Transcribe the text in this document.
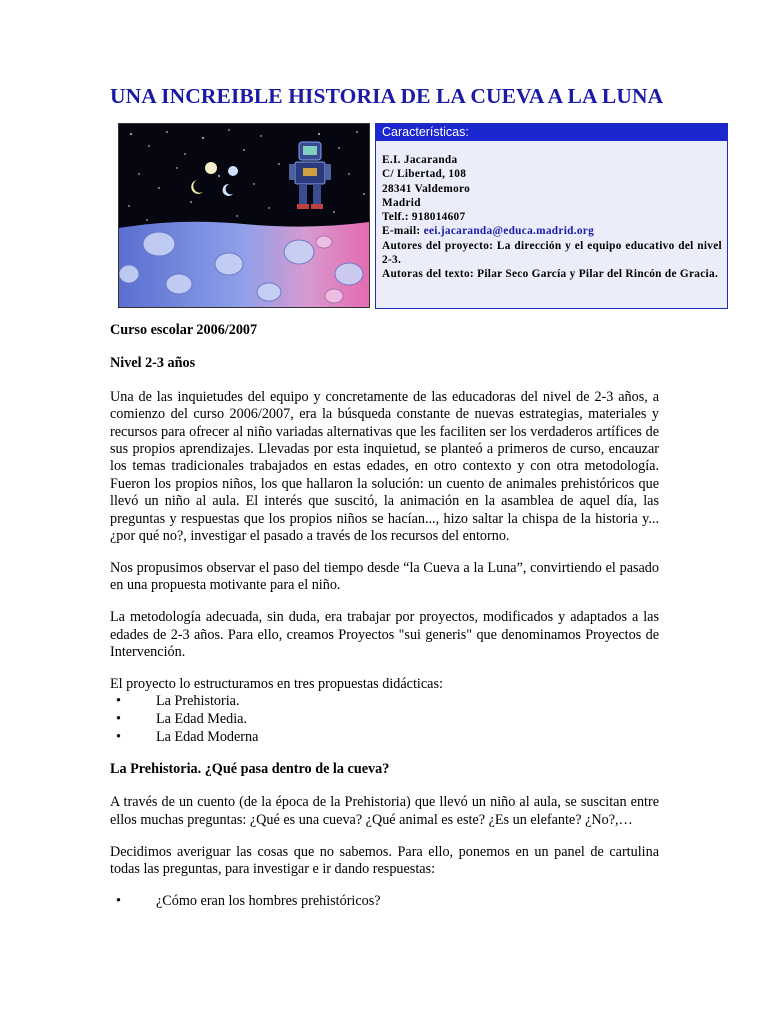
UNA INCREIBLE HISTORIA DE LA CUEVA A LA LUNA
Características:
E.I. Jacaranda
C/ Libertad, 108
28341 Valdemoro
Madrid
Telf.: 918014607
E-mail: eei.jacaranda@educa.madrid.org
Autores del proyecto: La dirección y el equipo educativo del nivel 2-3.
Autoras del texto: Pilar Seco García y Pilar del Rincón de Gracia.
Curso escolar 2006/2007
Nivel 2-3 años

Una de las inquietudes del equipo y concretamente de las educadoras del nivel de 2-3 años, a comienzo del curso 2006/2007, era la búsqueda constante de nuevas estrategias, materiales y recursos para ofrecer al niño variadas alternativas que les faciliten ser los verdaderos artífices de sus propios aprendizajes. Llevadas por esta inquietud, se planteó a primeros de curso, encauzar los temas tradicionales trabajados en estas edades, en otro contexto y con otra metodología. Fueron los propios niños, los que hallaron la solución: un cuento de animales prehistóricos que llevó un niño al aula. El interés que suscitó, la animación en la asamblea de aquel día, las preguntas y respuestas que los propios niños se hacían..., hizo saltar la chispa de la historia y... ¿por qué no?, investigar el pasado a través de los recursos del entorno.

Nos propusimos observar el paso del tiempo desde “la Cueva a la Luna”, convirtiendo el pasado en una propuesta motivante para el niño.

La metodología adecuada, sin duda, era trabajar por proyectos, modificados y adaptados a las edades de 2-3 años. Para ello, creamos Proyectos "sui generis" que denominamos Proyectos de Intervención.

El proyecto lo estructuramos en tres propuestas didácticas:

• La Prehistoria.
• La Edad Media.
• La Edad Moderna
La Prehistoria. ¿Qué pasa dentro de la cueva?

A través de un cuento (de la época de la Prehistoria) que llevó un niño al aula, se suscitan entre ellos muchas preguntas: ¿Qué es una cueva? ¿Qué animal es este? ¿Es un elefante? ¿No?,…

Decidimos averiguar las cosas que no sabemos. Para ello, ponemos en un panel de cartulina todas las preguntas, para investigar e ir dando respuestas:

• ¿Cómo eran los hombres prehistóricos?
